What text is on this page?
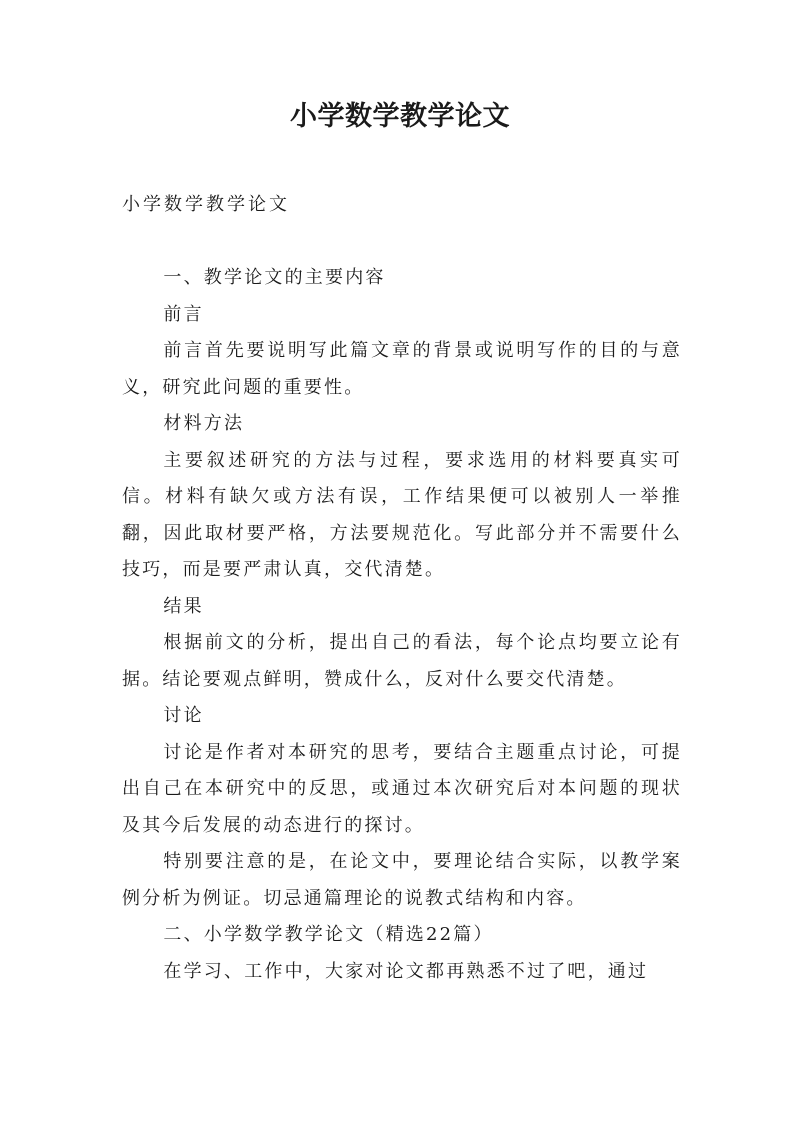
小学数学教学论文

小学数学教学论文

一、教学论文的主要内容

前言

前言首先要说明写此篇文章的背景或说明写作的目的与意义，研究此问题的重要性。

材料方法

主要叙述研究的方法与过程，要求选用的材料要真实可信。材料有缺欠或方法有误，工作结果便可以被别人一举推翻，因此取材要严格，方法要规范化。写此部分并不需要什么技巧，而是要严肃认真，交代清楚。

结果

根据前文的分析，提出自己的看法，每个论点均要立论有据。结论要观点鲜明，赞成什么，反对什么要交代清楚。

讨论

讨论是作者对本研究的思考，要结合主题重点讨论，可提出自己在本研究中的反思，或通过本次研究后对本问题的现状及其今后发展的动态进行的探讨。

特别要注意的是，在论文中，要理论结合实际，以教学案例分析为例证。切忌通篇理论的说教式结构和内容。

二、小学数学教学论文（精选22篇）

在学习、工作中，大家对论文都再熟悉不过了吧，通过
